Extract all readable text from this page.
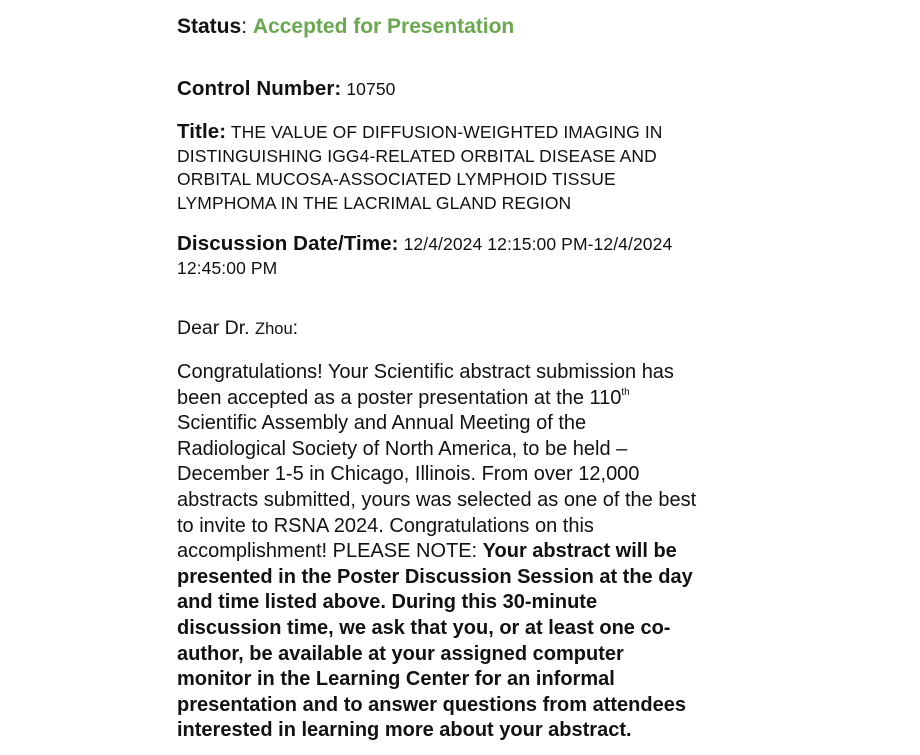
Status: Accepted for Presentation
Control Number: 10750
Title: THE VALUE OF DIFFUSION-WEIGHTED IMAGING IN
DISTINGUISHING IGG4-RELATED ORBITAL DISEASE AND
ORBITAL MUCOSA-ASSOCIATED LYMPHOID TISSUE
LYMPHOMA IN THE LACRIMAL GLAND REGION
Discussion Date/Time: 12/4/2024 12:15:00 PM-12/4/2024
12:45:00 PM
Dear Dr. Zhou:
Congratulations! Your Scientific abstract submission has
been accepted as a poster presentation at the 110th
Scientific Assembly and Annual Meeting of the
Radiological Society of North America, to be held –
December 1-5 in Chicago, Illinois. From over 12,000
abstracts submitted, yours was selected as one of the best
to invite to RSNA 2024. Congratulations on this
accomplishment! PLEASE NOTE: Your abstract will be
presented in the Poster Discussion Session at the day
and time listed above. During this 30-minute
discussion time, we ask that you, or at least one co-
author, be available at your assigned computer
monitor in the Learning Center for an informal
presentation and to answer questions from attendees
interested in learning more about your abstract.
